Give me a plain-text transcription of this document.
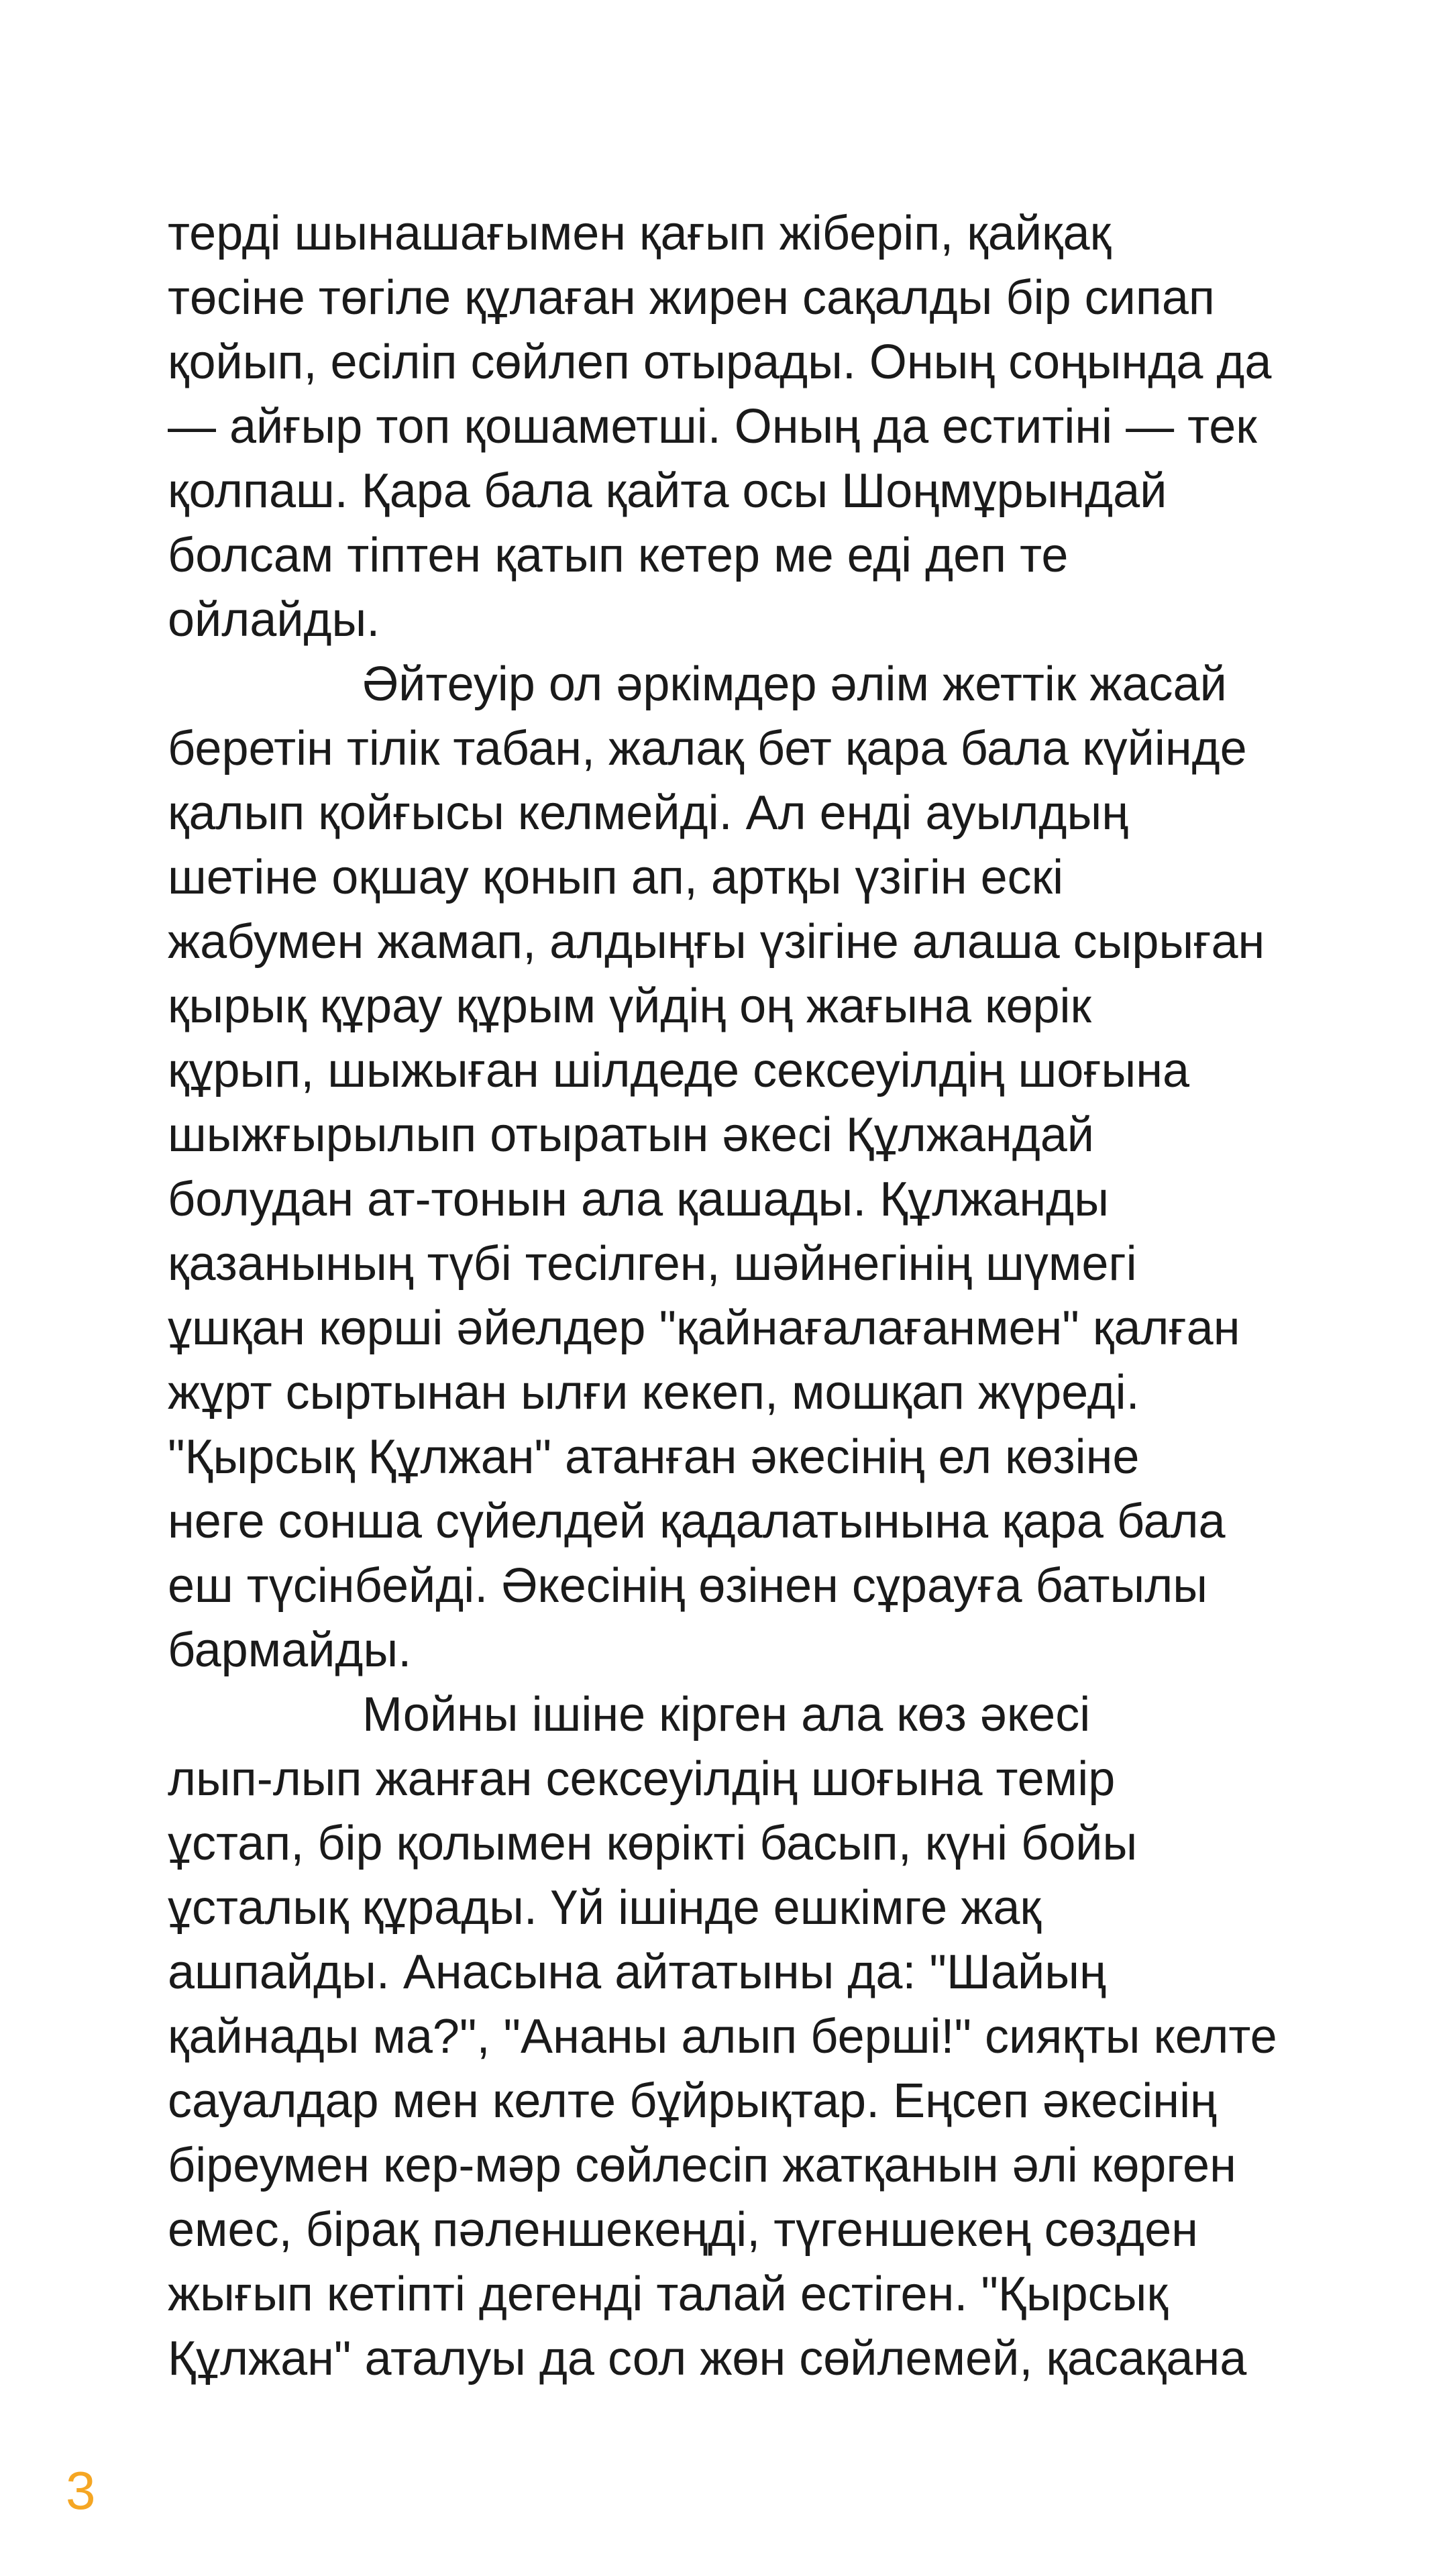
терді шынашағымен қағып жіберіп, қайқақ
төсіне төгіле құлаған жирен сақалды бір сипап
қойып, есіліп сөйлеп отырады. Оның соңында да
— айғыр топ қошаметші. Оның да еститіні — тек
қолпаш. Қара бала қайта осы Шоңмұрындай
болсам тіптен қатып кетер ме еді деп те
ойлайды.
Әйтеуір ол әркімдер әлім жеттік жасай
беретін тілік табан, жалақ бет қара бала күйінде
қалып қойғысы келмейді. Ал енді ауылдың
шетіне оқшау қонып ап, артқы үзігін ескі
жабумен жамап, алдыңғы үзігіне алаша сырыған
қырық құрау құрым үйдің оң жағына көрік
құрып, шыжыған шілдеде сексеуілдің шоғына
шыжғырылып отыратын әкесі Құлжандай
болудан ат-тонын ала қашады. Құлжанды
қазанының түбі тесілген, шәйнегінің шүмегі
ұшқан көрші әйелдер "қайнағалағанмен" қалған
жұрт сыртынан ылғи кекеп, мошқап жүреді.
"Қырсық Құлжан" атанған әкесінің ел көзіне
неге сонша сүйелдей қадалатынына қара бала
еш түсінбейді. Әкесінің өзінен сұрауға батылы
бармайды.
Мойны ішіне кірген ала көз әкесі
лып-лып жанған сексеуілдің шоғына темір
ұстап, бір қолымен көрікті басып, күні бойы
ұсталық құрады. Үй ішінде ешкімге жақ
ашпайды. Анасына айтатыны да: "Шайың
қайнады ма?", "Ананы алып берші!" сияқты келте
сауалдар мен келте бұйрықтар. Еңсеп әкесінің
біреумен кер-мәр сөйлесіп жатқанын әлі көрген
емес, бірақ пәленшекеңді, түгеншекең сөзден
жығып кетіпті дегенді талай естіген. "Қырсық
Құлжан" аталуы да сол жөн сөйлемей, қасақана
3
